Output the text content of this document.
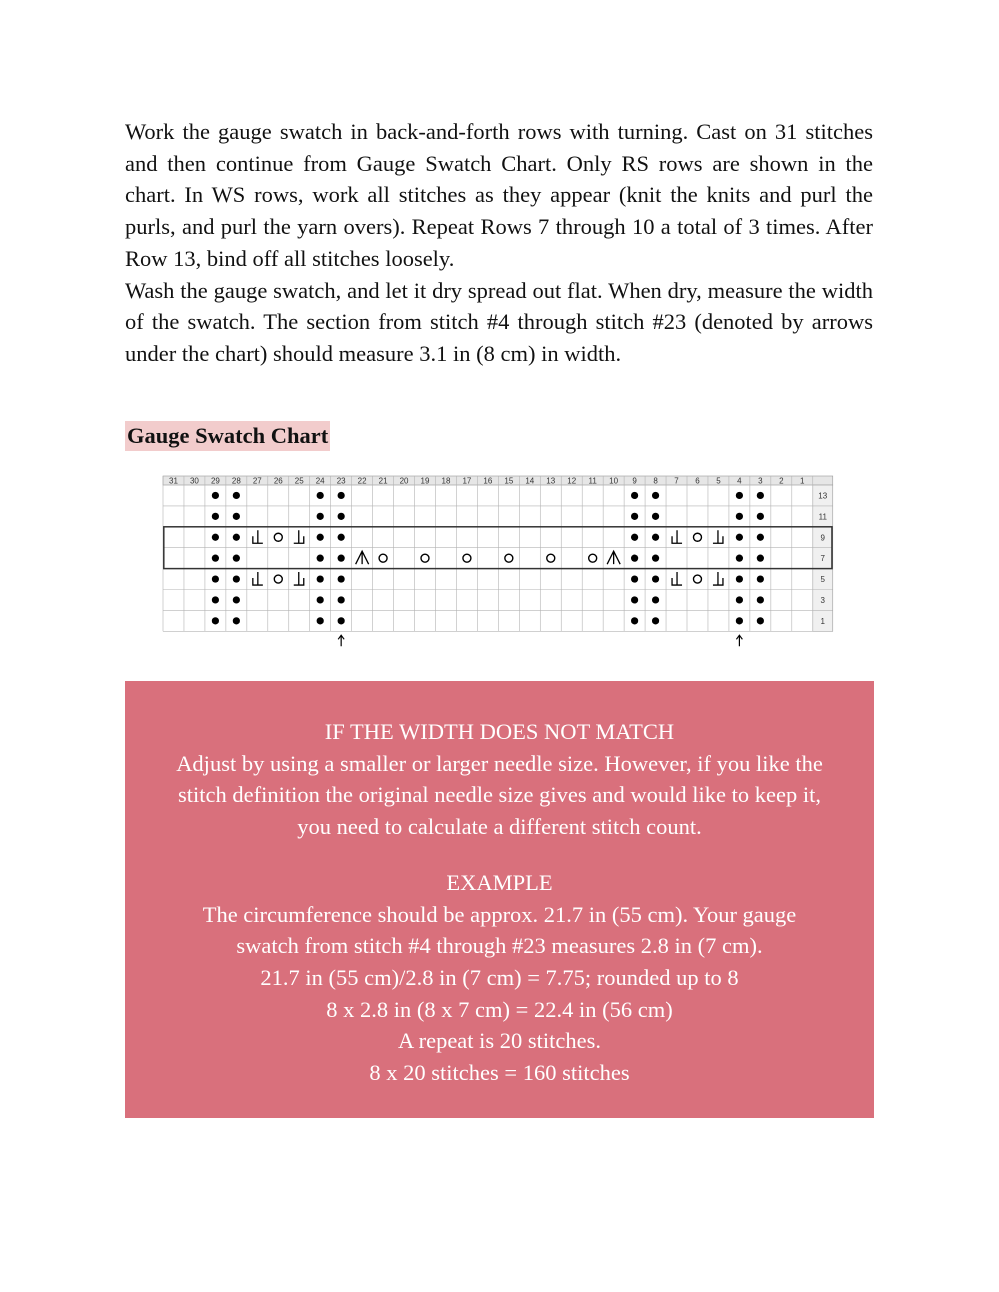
Work the gauge swatch in back-and-forth rows with turning. Cast on 31 stitches and then continue from Gauge Swatch Chart. Only RS rows are shown in the chart. In WS rows, work all stitches as they appear (knit the knits and purl the purls, and purl the yarn overs). Repeat Rows 7 through 10 a total of 3 times. After Row 13, bind off all stitches loosely.

Wash the gauge swatch, and let it dry spread out flat. When dry, measure the width of the swatch. The section from stitch #4 through stitch #23 (denoted by arrows under the chart) should measure 3.1 in (8 cm) in width.

Gauge Swatch Chart
31 30 29 28 27 26 25 24 23 22 21 20 19 18 17 16 15 14 13 12 11 10 9 8 7 6 5 4 3 2 1
13
11
9
7
5
3
1
IF THE WIDTH DOES NOT MATCH
Adjust by using a smaller or larger needle size. However, if you like the
stitch definition the original needle size gives and would like to keep it,
you need to calculate a different stitch count.
EXAMPLE
The circumference should be approx. 21.7 in (55 cm). Your gauge
swatch from stitch #4 through #23 measures 2.8 in (7 cm).
21.7 in (55 cm)/2.8 in (7 cm) = 7.75; rounded up to 8
8 x 2.8 in (8 x 7 cm) = 22.4 in (56 cm)
A repeat is 20 stitches.
8 x 20 stitches = 160 stitches
